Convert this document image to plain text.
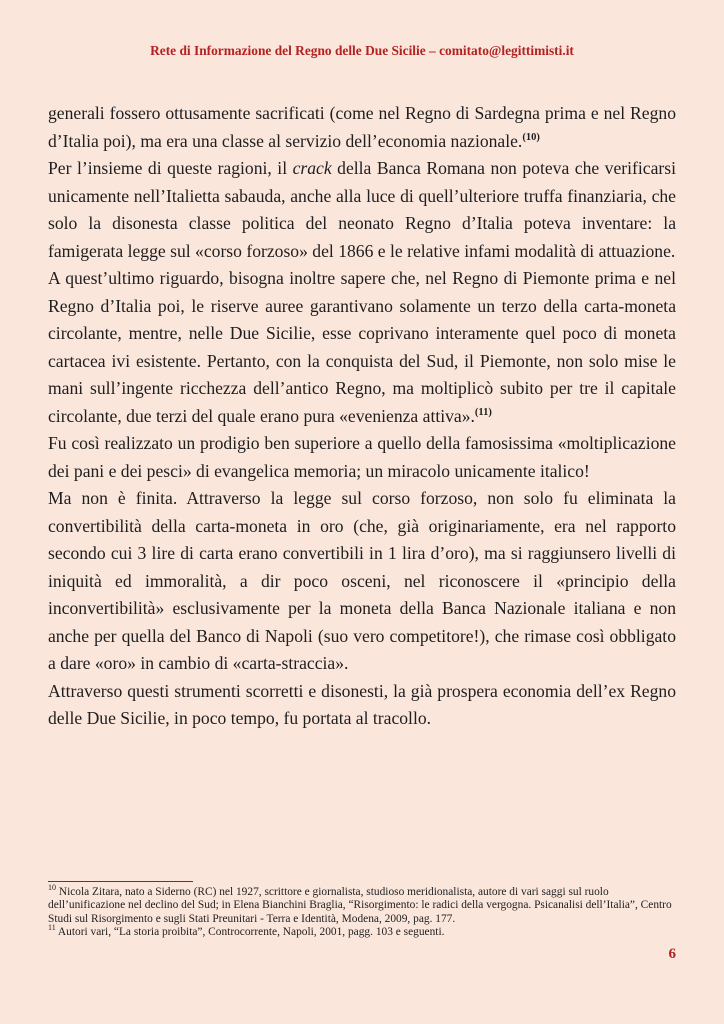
Rete di Informazione del Regno delle Due Sicilie – comitato@legittimisti.it

generali fossero ottusamente sacrificati (come nel Regno di Sardegna prima e nel Regno d’Italia poi), ma era una classe al servizio dell’economia nazionale.$^{(10)}$

Per l’insieme di queste ragioni, il crack della Banca Romana non poteva che verificarsi unicamente nell’Italietta sabauda, anche alla luce di quell’ulteriore truffa finanziaria, che solo la disonesta classe politica del neonato Regno d’Italia poteva inventare: la famigerata legge sul «corso forzoso» del 1866 e le relative infami modalità di attuazione.

A quest’ultimo riguardo, bisogna inoltre sapere che, nel Regno di Piemonte prima e nel Regno d’Italia poi, le riserve auree garantivano solamente un terzo della carta-moneta circolante, mentre, nelle Due Sicilie, esse coprivano interamente quel poco di moneta cartacea ivi esistente. Pertanto, con la conquista del Sud, il Piemonte, non solo mise le mani sull’ingente ricchezza dell’antico Regno, ma moltiplicò subito per tre il capitale circolante, due terzi del quale erano pura «evenienza attiva».$^{(11)}$

Fu così realizzato un prodigio ben superiore a quello della famosissima «moltiplicazione dei pani e dei pesci» di evangelica memoria; un miracolo unicamente italico!

Ma non è finita. Attraverso la legge sul corso forzoso, non solo fu eliminata la convertibilità della carta-moneta in oro (che, già originariamente, era nel rapporto secondo cui 3 lire di carta erano convertibili in 1 lira d’oro), ma si raggiunsero livelli di iniquità ed immoralità, a dir poco osceni, nel riconoscere il «principio della inconvertibilità» esclusivamente per la moneta della Banca Nazionale italiana e non anche per quella del Banco di Napoli (suo vero competitore!), che rimase così obbligato a dare «oro» in cambio di «carta-straccia».

Attraverso questi strumenti scorretti e disonesti, la già prospera economia dell’ex Regno delle Due Sicilie, in poco tempo, fu portata al tracollo.

$^{10}$ Nicola Zitara, nato a Siderno (RC) nel 1927, scrittore e giornalista, studioso meridionalista, autore di vari saggi sul ruolo dell’unificazione nel declino del Sud; in Elena Bianchini Braglia, “Risorgimento: le radici della vergogna. Psicanalisi dell’Italia”, Centro Studi sul Risorgimento e sugli Stati Preunitari - Terra e Identità, Modena, 2009, pag. 177.

$^{11}$ Autori vari, “La storia proibita”, Controcorrente, Napoli, 2001, pagg. 103 e seguenti.

6
